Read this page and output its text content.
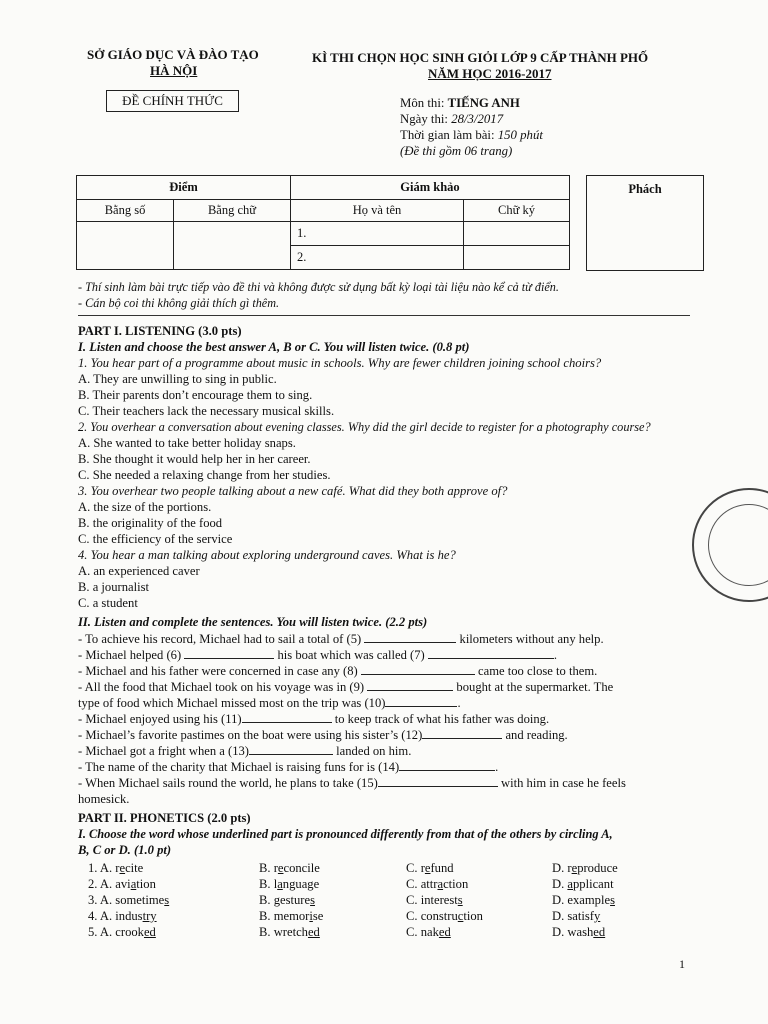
SỞ GIÁO DỤC VÀ ĐÀO TẠO
HÀ NỘI
ĐỀ CHÍNH THỨC
KÌ THI CHỌN HỌC SINH GIỎI LỚP 9 CẤP THÀNH PHỐ
NĂM HỌC 2016-2017
Môn thi: TIẾNG ANH
Ngày thi: 28/3/2017
Thời gian làm bài: 150 phút
(Đề thi gồm 06 trang)
Điểm		Giám khảo	
Bằng số	Bằng chữ	Họ và tên	Chữ ký
		1.	
		2.	
Phách
- Thí sinh làm bài trực tiếp vào đề thi và không được sử dụng bất kỳ loại tài liệu nào kể cả từ điển.
- Cán bộ coi thi không giải thích gì thêm.
PART I. LISTENING (3.0 pts)
I. Listen and choose the best answer A, B or C. You will listen twice. (0.8 pt)
1. You hear part of a programme about music in schools. Why are fewer children joining school choirs?
A. They are unwilling to sing in public.
B. Their parents don’t encourage them to sing.
C. Their teachers lack the necessary musical skills.
2. You overhear a conversation about evening classes. Why did the girl decide to register for a photography course?
A. She wanted to take better holiday snaps.
B. She thought it would help her in her career.
C. She needed a relaxing change from her studies.
3. You overhear two people talking about a new café. What did they both approve of?
A. the size of the portions.
B. the originality of the food
C. the efficiency of the service
4. You hear a man talking about exploring underground caves. What is he?
A. an experienced caver
B. a journalist
C. a student
II. Listen and complete the sentences. You will listen twice. (2.2 pts)
- To achieve his record, Michael had to sail a total of (5)	kilometers without any help.
- Michael helped (6)	his boat which was called (7)	.
- Michael and his father were concerned in case any (8)	came too close to them.
- All the food that Michael took on his voyage was in (9)	bought at the supermarket. The
type of food which Michael missed most on the trip was (10)	.
- Michael enjoyed using his (11)	to keep track of what his father was doing.
- Michael’s favorite pastimes on the boat were using his sister’s (12)	and reading.
- Michael got a fright when a (13)	landed on him.
- The name of the charity that Michael is raising funs for is (14)	.
- When Michael sails round the world, he plans to take (15)	with him in case he feels
homesick.
PART II. PHONETICS (2.0 pts)
I. Choose the word whose underlined part is pronounced differently from that of the others by circling A,
B, C or D. (1.0 pt)
1. A. recite	B. reconcile	C. refund	D. reproduce
2. A. aviation	B. language	C. attraction	D. applicant
3. A. sometimes	B. gestures	C. interests	D. examples
4. A. industry	B. memorise	C. construction	D. satisfy
5. A. crooked	B. wretched	C. naked	D. washed
1
